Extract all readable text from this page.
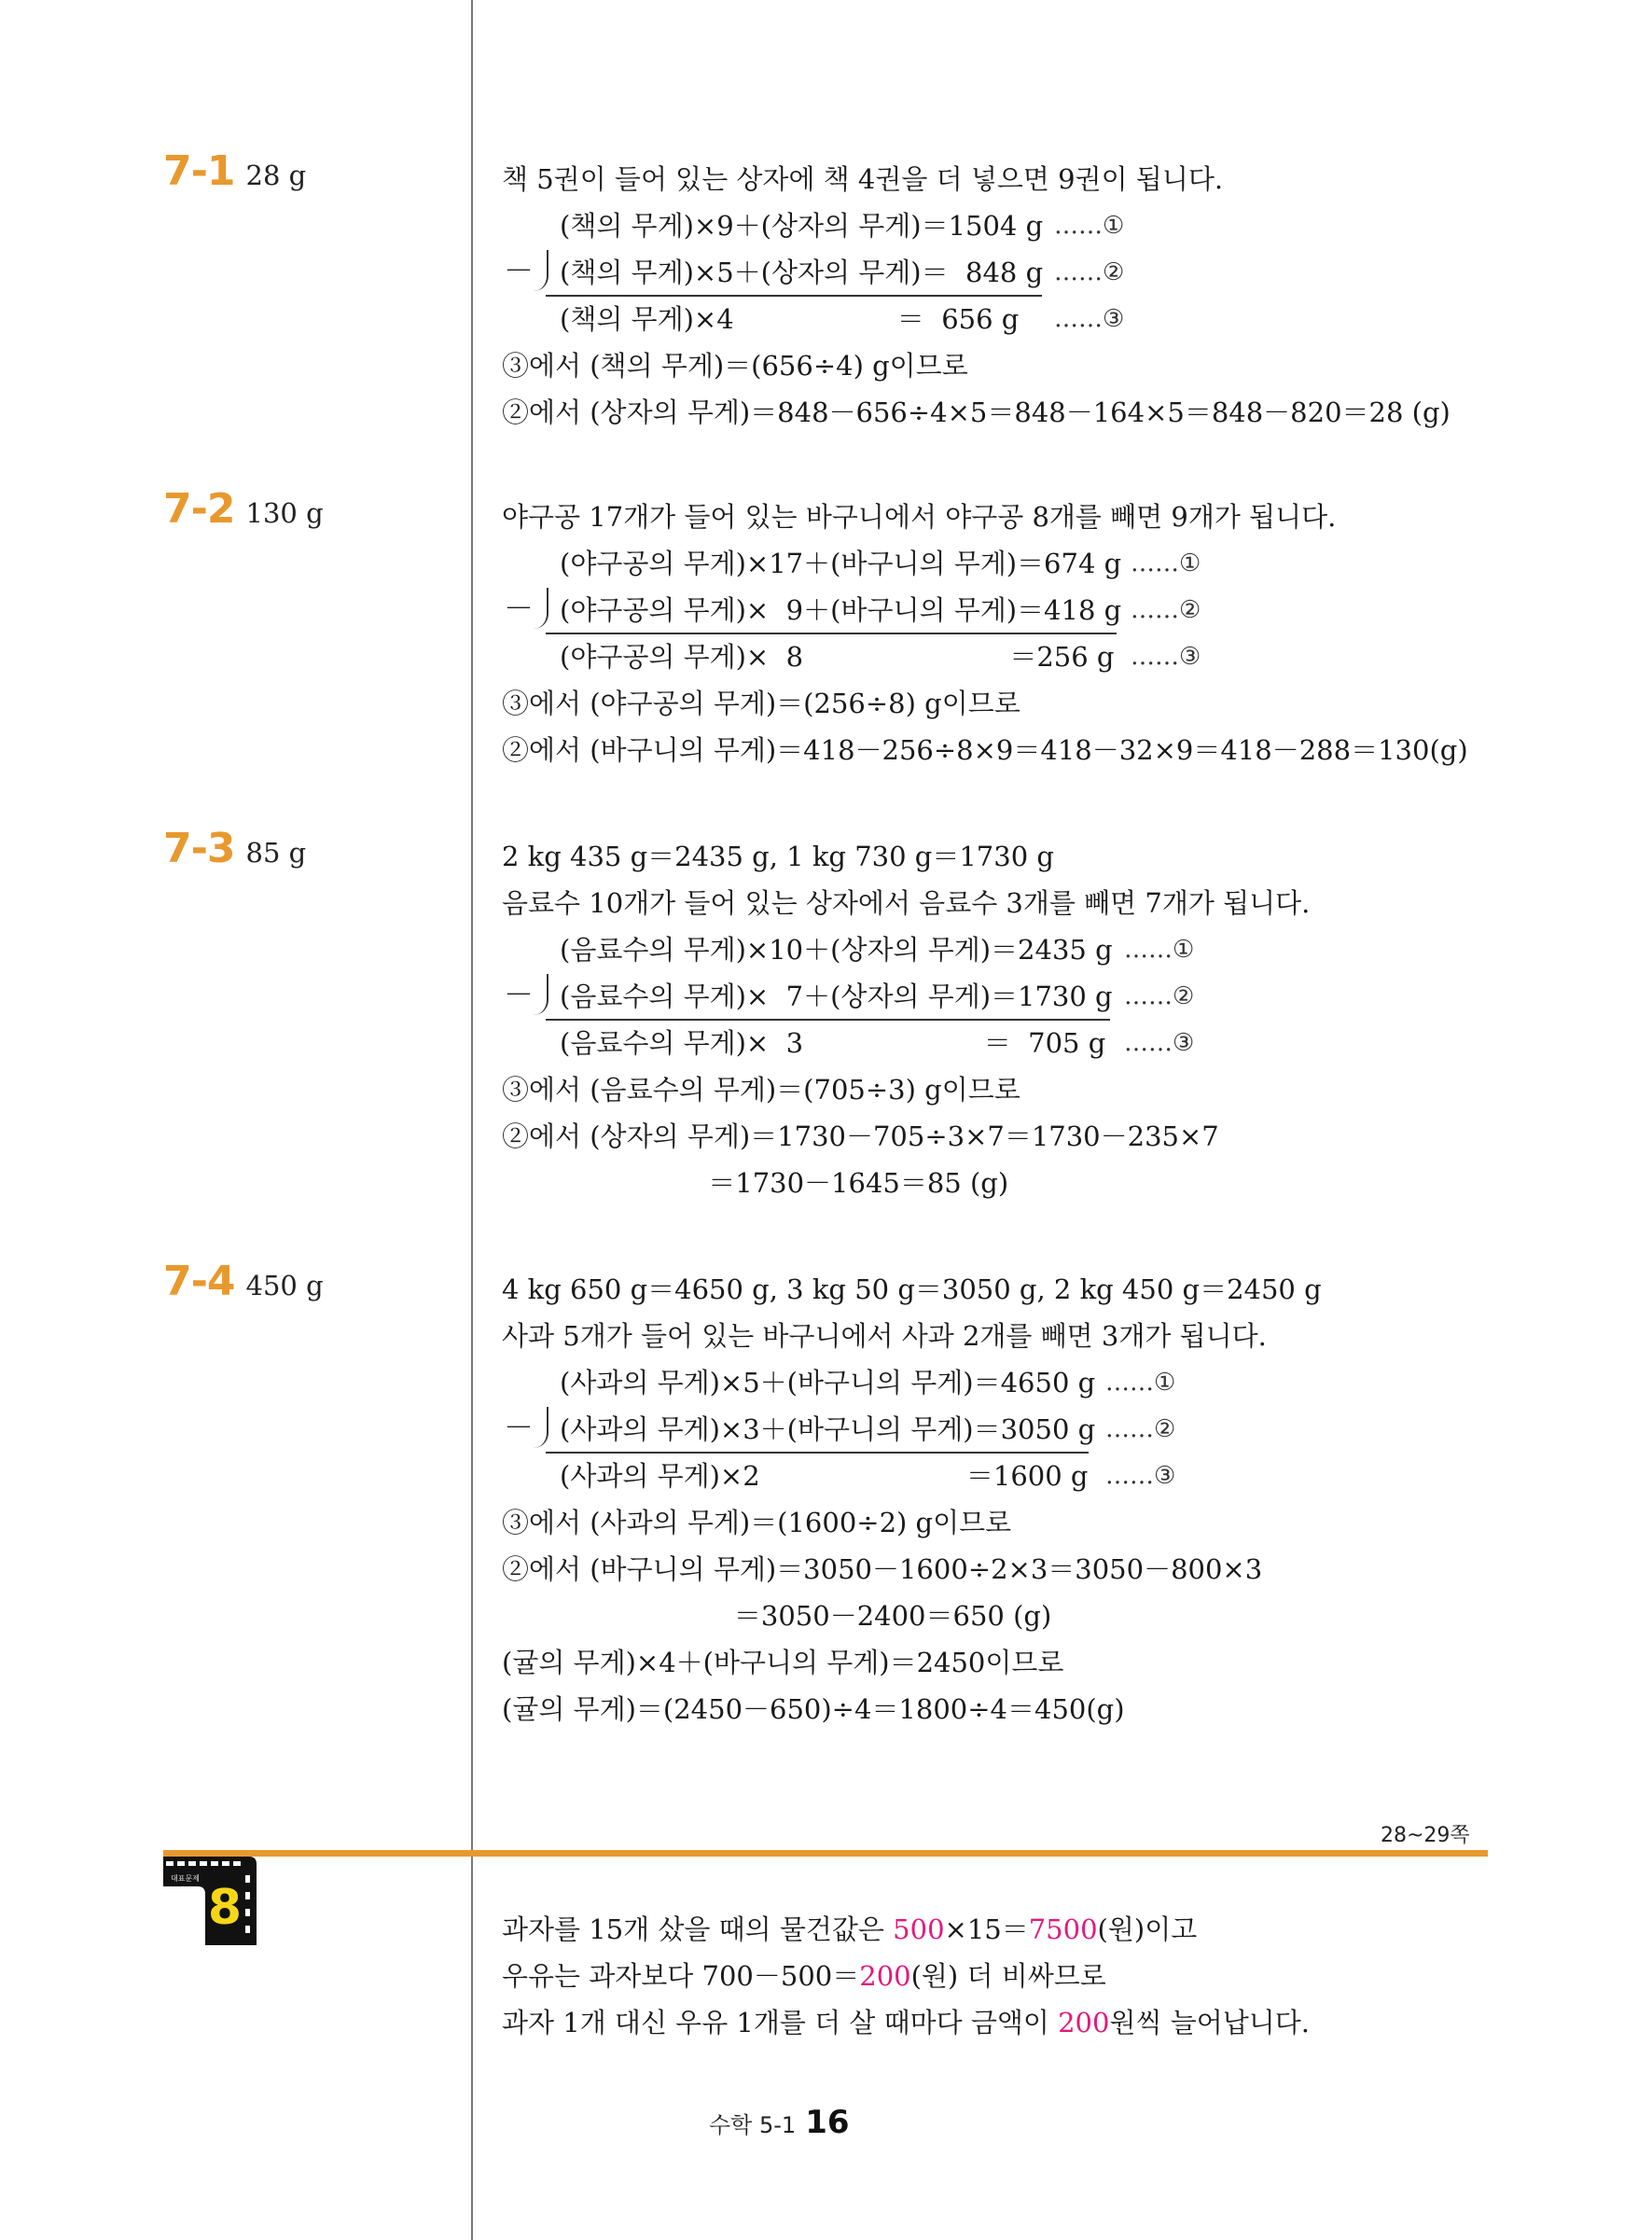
7-1 28 g	책 5권이 들어 있는 상자에 책 4권을 더 넣으면 9권이 됩니다.
(책의 무게)×9＋(상자의 무게)＝1504 g ……①
－ (책의 무게)×5＋(상자의 무게)＝  848 g ……②
(책의 무게)×4                   ＝  656 g ……③
③에서 (책의 무게)＝(656÷4) g이므로
②에서 (상자의 무게)＝848－656÷4×5＝848－164×5＝848－820＝28 (g)
7-2 130 g	야구공 17개가 들어 있는 바구니에서 야구공 8개를 빼면 9개가 됩니다.
(야구공의 무게)×17＋(바구니의 무게)＝674 g ……①
－ (야구공의 무게)×  9＋(바구니의 무게)＝418 g ……②
(야구공의 무게)×  8                        ＝256 g ……③
③에서 (야구공의 무게)＝(256÷8) g이므로
②에서 (바구니의 무게)＝418－256÷8×9＝418－32×9＝418－288＝130(g)
7-3 85 g	2 kg 435 g＝2435 g, 1 kg 730 g＝1730 g
음료수 10개가 들어 있는 상자에서 음료수 3개를 빼면 7개가 됩니다.
(음료수의 무게)×10＋(상자의 무게)＝2435 g ……①
－ (음료수의 무게)×  7＋(상자의 무게)＝1730 g ……②
(음료수의 무게)×  3                     ＝  705 g ……③
③에서 (음료수의 무게)＝(705÷3) g이므로
②에서 (상자의 무게)＝1730－705÷3×7＝1730－235×7
＝1730－1645＝85 (g)
7-4 450 g	4 kg 650 g＝4650 g, 3 kg 50 g＝3050 g, 2 kg 450 g＝2450 g
사과 5개가 들어 있는 바구니에서 사과 2개를 빼면 3개가 됩니다.
(사과의 무게)×5＋(바구니의 무게)＝4650 g ……①
－ (사과의 무게)×3＋(바구니의 무게)＝3050 g ……②
(사과의 무게)×2                        ＝1600 g ……③
③에서 (사과의 무게)＝(1600÷2) g이므로
②에서 (바구니의 무게)＝3050－1600÷2×3＝3050－800×3
＝3050－2400＝650 (g)
(귤의 무게)×4＋(바구니의 무게)＝2450이므로
(귤의 무게)＝(2450－650)÷4＝1800÷4＝450(g)
28~29쪽
대표문제
8	과자를 15개 샀을 때의 물건값은 500×15＝7500(원)이고
우유는 과자보다 700－500＝200(원) 더 비싸므로
과자 1개 대신 우유 1개를 더 살 때마다 금액이 200원씩 늘어납니다.
수학 5-1 16
